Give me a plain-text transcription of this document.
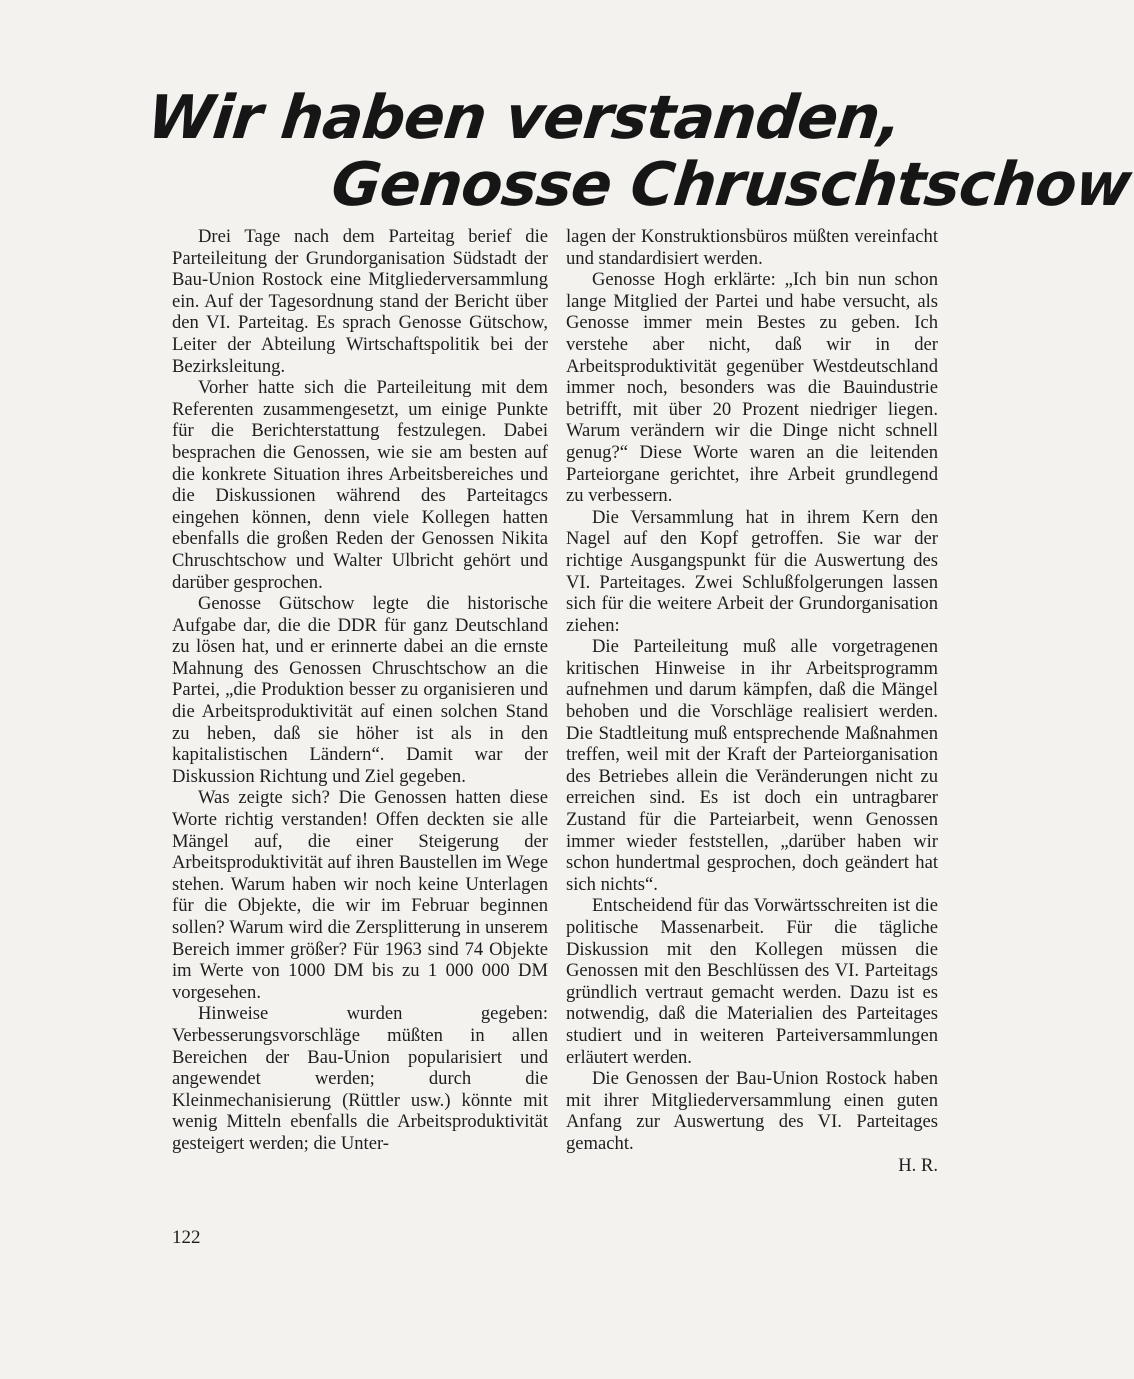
Wir haben verstanden,
Genosse Chruschtschow

Drei Tage nach dem Parteitag berief die Parteileitung der Grundorganisation Südstadt der Bau-Union Rostock eine Mitgliederversammlung ein. Auf der Tagesordnung stand der Bericht über den VI. Parteitag. Es sprach Genosse Gütschow, Leiter der Abteilung Wirtschaftspolitik bei der Bezirksleitung.

Vorher hatte sich die Parteileitung mit dem Referenten zusammengesetzt, um einige Punkte für die Berichterstattung festzulegen. Dabei besprachen die Genossen, wie sie am besten auf die konkrete Situation ihres Arbeitsbereiches und die Diskussionen während des Parteitagcs eingehen können, denn viele Kollegen hatten ebenfalls die großen Reden der Genossen Nikita Chruschtschow und Walter Ulbricht gehört und darüber gesprochen.

Genosse Gütschow legte die historische Aufgabe dar, die die DDR für ganz Deutschland zu lösen hat, und er erinnerte dabei an die ernste Mahnung des Genossen Chruschtschow an die Partei, „die Produktion besser zu organisieren und die Arbeitsproduktivität auf einen solchen Stand zu heben, daß sie höher ist als in den kapitalistischen Ländern“. Damit war der Diskussion Richtung und Ziel gegeben.

Was zeigte sich? Die Genossen hatten diese Worte richtig verstanden! Offen deckten sie alle Mängel auf, die einer Steigerung der Arbeitsproduktivität auf ihren Baustellen im Wege stehen. Warum haben wir noch keine Unterlagen für die Objekte, die wir im Februar beginnen sollen? Warum wird die Zersplitterung in unserem Bereich immer größer? Für 1963 sind 74 Objekte im Werte von 1000 DM bis zu 1 000 000 DM vorgesehen.

Hinweise wurden gegeben: Verbesserungsvorschläge müßten in allen Bereichen der Bau-Union popularisiert und angewendet werden; durch die Kleinmechanisierung (Rüttler usw.) könnte mit wenig Mitteln ebenfalls die Arbeitsproduktivität gesteigert werden; die Unter-

lagen der Konstruktionsbüros müßten vereinfacht und standardisiert werden.

Genosse Hogh erklärte: „Ich bin nun schon lange Mitglied der Partei und habe versucht, als Genosse immer mein Bestes zu geben. Ich verstehe aber nicht, daß wir in der Arbeitsproduktivität gegenüber Westdeutschland immer noch, besonders was die Bauindustrie betrifft, mit über 20 Prozent niedriger liegen. Warum verändern wir die Dinge nicht schnell genug?“ Diese Worte waren an die leitenden Parteiorgane gerichtet, ihre Arbeit grundlegend zu verbessern.

Die Versammlung hat in ihrem Kern den Nagel auf den Kopf getroffen. Sie war der richtige Ausgangspunkt für die Auswertung des VI. Parteitages. Zwei Schlußfolgerungen lassen sich für die weitere Arbeit der Grundorganisation ziehen:

Die Parteileitung muß alle vorgetragenen kritischen Hinweise in ihr Arbeitsprogramm aufnehmen und darum kämpfen, daß die Mängel behoben und die Vorschläge realisiert werden. Die Stadtleitung muß entsprechende Maßnahmen treffen, weil mit der Kraft der Parteiorganisation des Betriebes allein die Veränderungen nicht zu erreichen sind. Es ist doch ein untragbarer Zustand für die Parteiarbeit, wenn Genossen immer wieder feststellen, „darüber haben wir schon hundertmal gesprochen, doch geändert hat sich nichts“.

Entscheidend für das Vorwärtsschreiten ist die politische Massenarbeit. Für die tägliche Diskussion mit den Kollegen müssen die Genossen mit den Beschlüssen des VI. Parteitags gründlich vertraut gemacht werden. Dazu ist es notwendig, daß die Materialien des Parteitages studiert und in weiteren Parteiversammlungen erläutert werden.

Die Genossen der Bau-Union Rostock haben mit ihrer Mitgliederversammlung einen guten Anfang zur Auswertung des VI. Parteitages gemacht.

H. R.
122
